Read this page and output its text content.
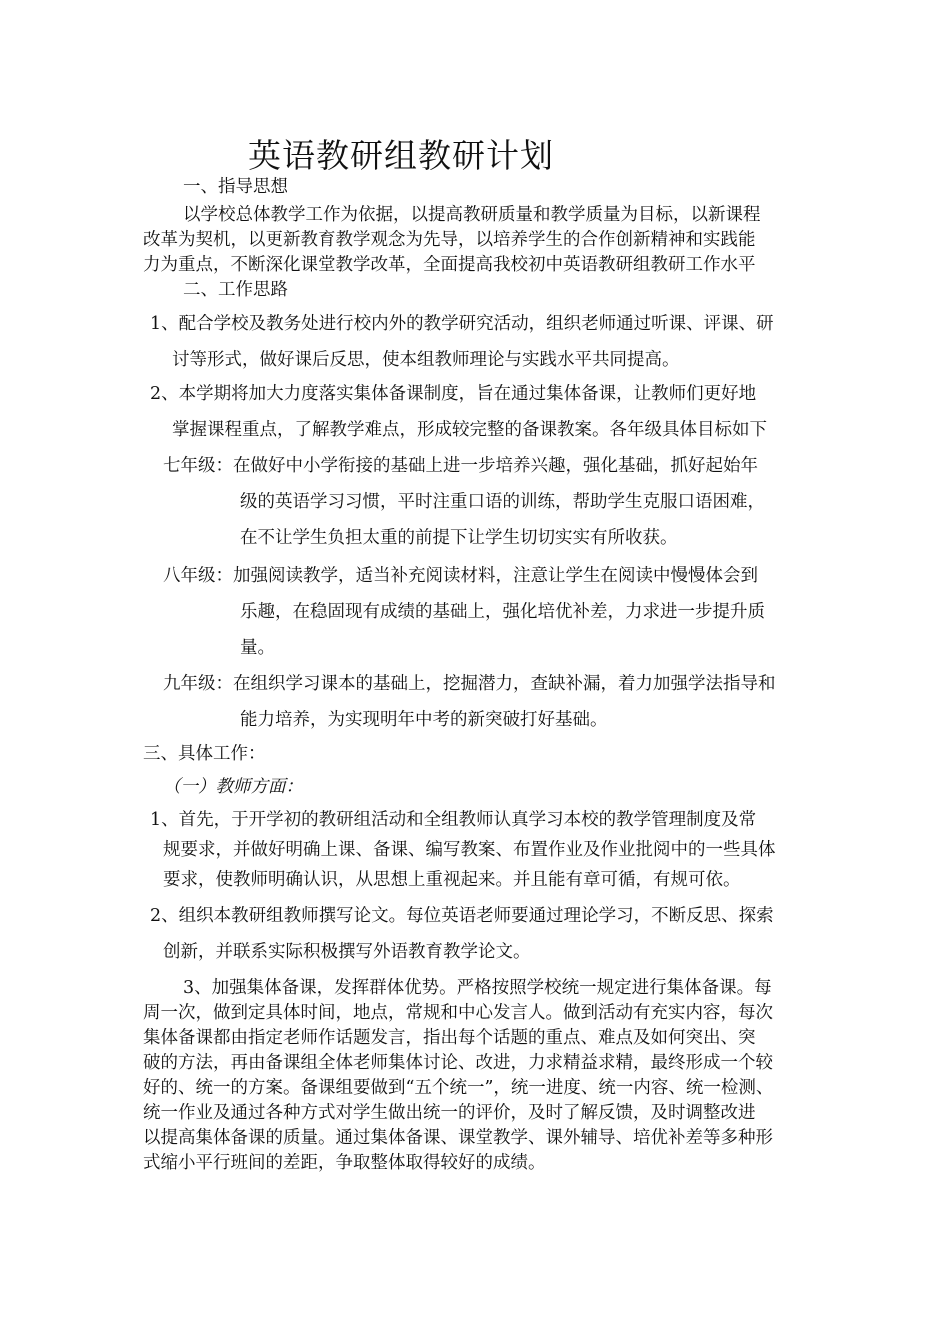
英语教研组教研计划
一、指导思想
以学校总体教学工作为依据，以提高教研质量和教学质量为目标，以新课程
改革为契机，以更新教育教学观念为先导，以培养学生的合作创新精神和实践能
力为重点，不断深化课堂教学改革，全面提高我校初中英语教研组教研工作水平
二、工作思路
1、配合学校及教务处进行校内外的教学研究活动，组织老师通过听课、评课、研
讨等形式，做好课后反思，使本组教师理论与实践水平共同提高。
2、本学期将加大力度落实集体备课制度，旨在通过集体备课，让教师们更好地
掌握课程重点，了解教学难点，形成较完整的备课教案。各年级具体目标如下
七年级：在做好中小学衔接的基础上进一步培养兴趣，强化基础，抓好起始年
级的英语学习习惯，平时注重口语的训练，帮助学生克服口语困难，
在不让学生负担太重的前提下让学生切切实实有所收获。
八年级：加强阅读教学，适当补充阅读材料，注意让学生在阅读中慢慢体会到
乐趣，在稳固现有成绩的基础上，强化培优补差，力求进一步提升质
量。
九年级：在组织学习课本的基础上，挖掘潜力，查缺补漏，着力加强学法指导和
能力培养，为实现明年中考的新突破打好基础。
三、具体工作：
（一）教师方面：
1、首先，于开学初的教研组活动和全组教师认真学习本校的教学管理制度及常
规要求，并做好明确上课、备课、编写教案、布置作业及作业批阅中的一些具体
要求，使教师明确认识，从思想上重视起来。并且能有章可循，有规可依。
2、组织本教研组教师撰写论文。每位英语老师要通过理论学习，不断反思、探索
创新，并联系实际积极撰写外语教育教学论文。
3、加强集体备课，发挥群体优势。严格按照学校统一规定进行集体备课。每
周一次，做到定具体时间，地点，常规和中心发言人。做到活动有充实内容，每次
集体备课都由指定老师作话题发言，指出每个话题的重点、难点及如何突出、突
破的方法，再由备课组全体老师集体讨论、改进，力求精益求精，最终形成一个较
好的、统一的方案。备课组要做到“五个统一”，统一进度、统一内容、统一检测、
统一作业及通过各种方式对学生做出统一的评价，及时了解反馈，及时调整改进
以提高集体备课的质量。通过集体备课、课堂教学、课外辅导、培优补差等多种形
式缩小平行班间的差距，争取整体取得较好的成绩。
